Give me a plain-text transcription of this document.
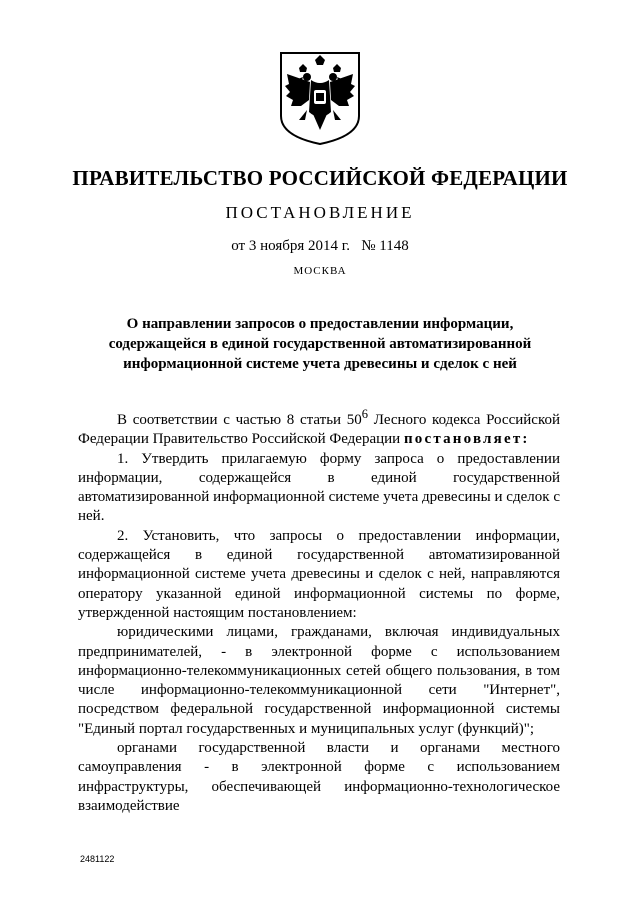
ПРАВИТЕЛЬСТВО РОССИЙСКОЙ ФЕДЕРАЦИИ
ПОСТАНОВЛЕНИЕ
от 3 ноября 2014 г. № 1148
МОСКВА
О направлении запросов о предоставлении информации,
содержащейся в единой государственной автоматизированной
информационной системе учета древесины и сделок с ней

В соответствии с частью 8 статьи $50^6$ Лесного кодекса Российской Федерации Правительство Российской Федерации постановляет:

1. Утвердить прилагаемую форму запроса о предоставлении информации, содержащейся в единой государственной автоматизированной информационной системе учета древесины и сделок с ней.

2. Установить, что запросы о предоставлении информации, содержащейся в единой государственной автоматизированной информационной системе учета древесины и сделок с ней, направляются оператору указанной единой информационной системы по форме, утвержденной настоящим постановлением:

юридическими лицами, гражданами, включая индивидуальных предпринимателей, - в электронной форме с использованием информационно-телекоммуникационных сетей общего пользования, в том числе информационно-телекоммуникационной сети "Интернет", посредством федеральной государственной информационной системы "Единый портал государственных и муниципальных услуг (функций)";

органами государственной власти и органами местного самоуправления - в электронной форме с использованием инфраструктуры, обеспечивающей информационно-технологическое взаимодействие

2481122
